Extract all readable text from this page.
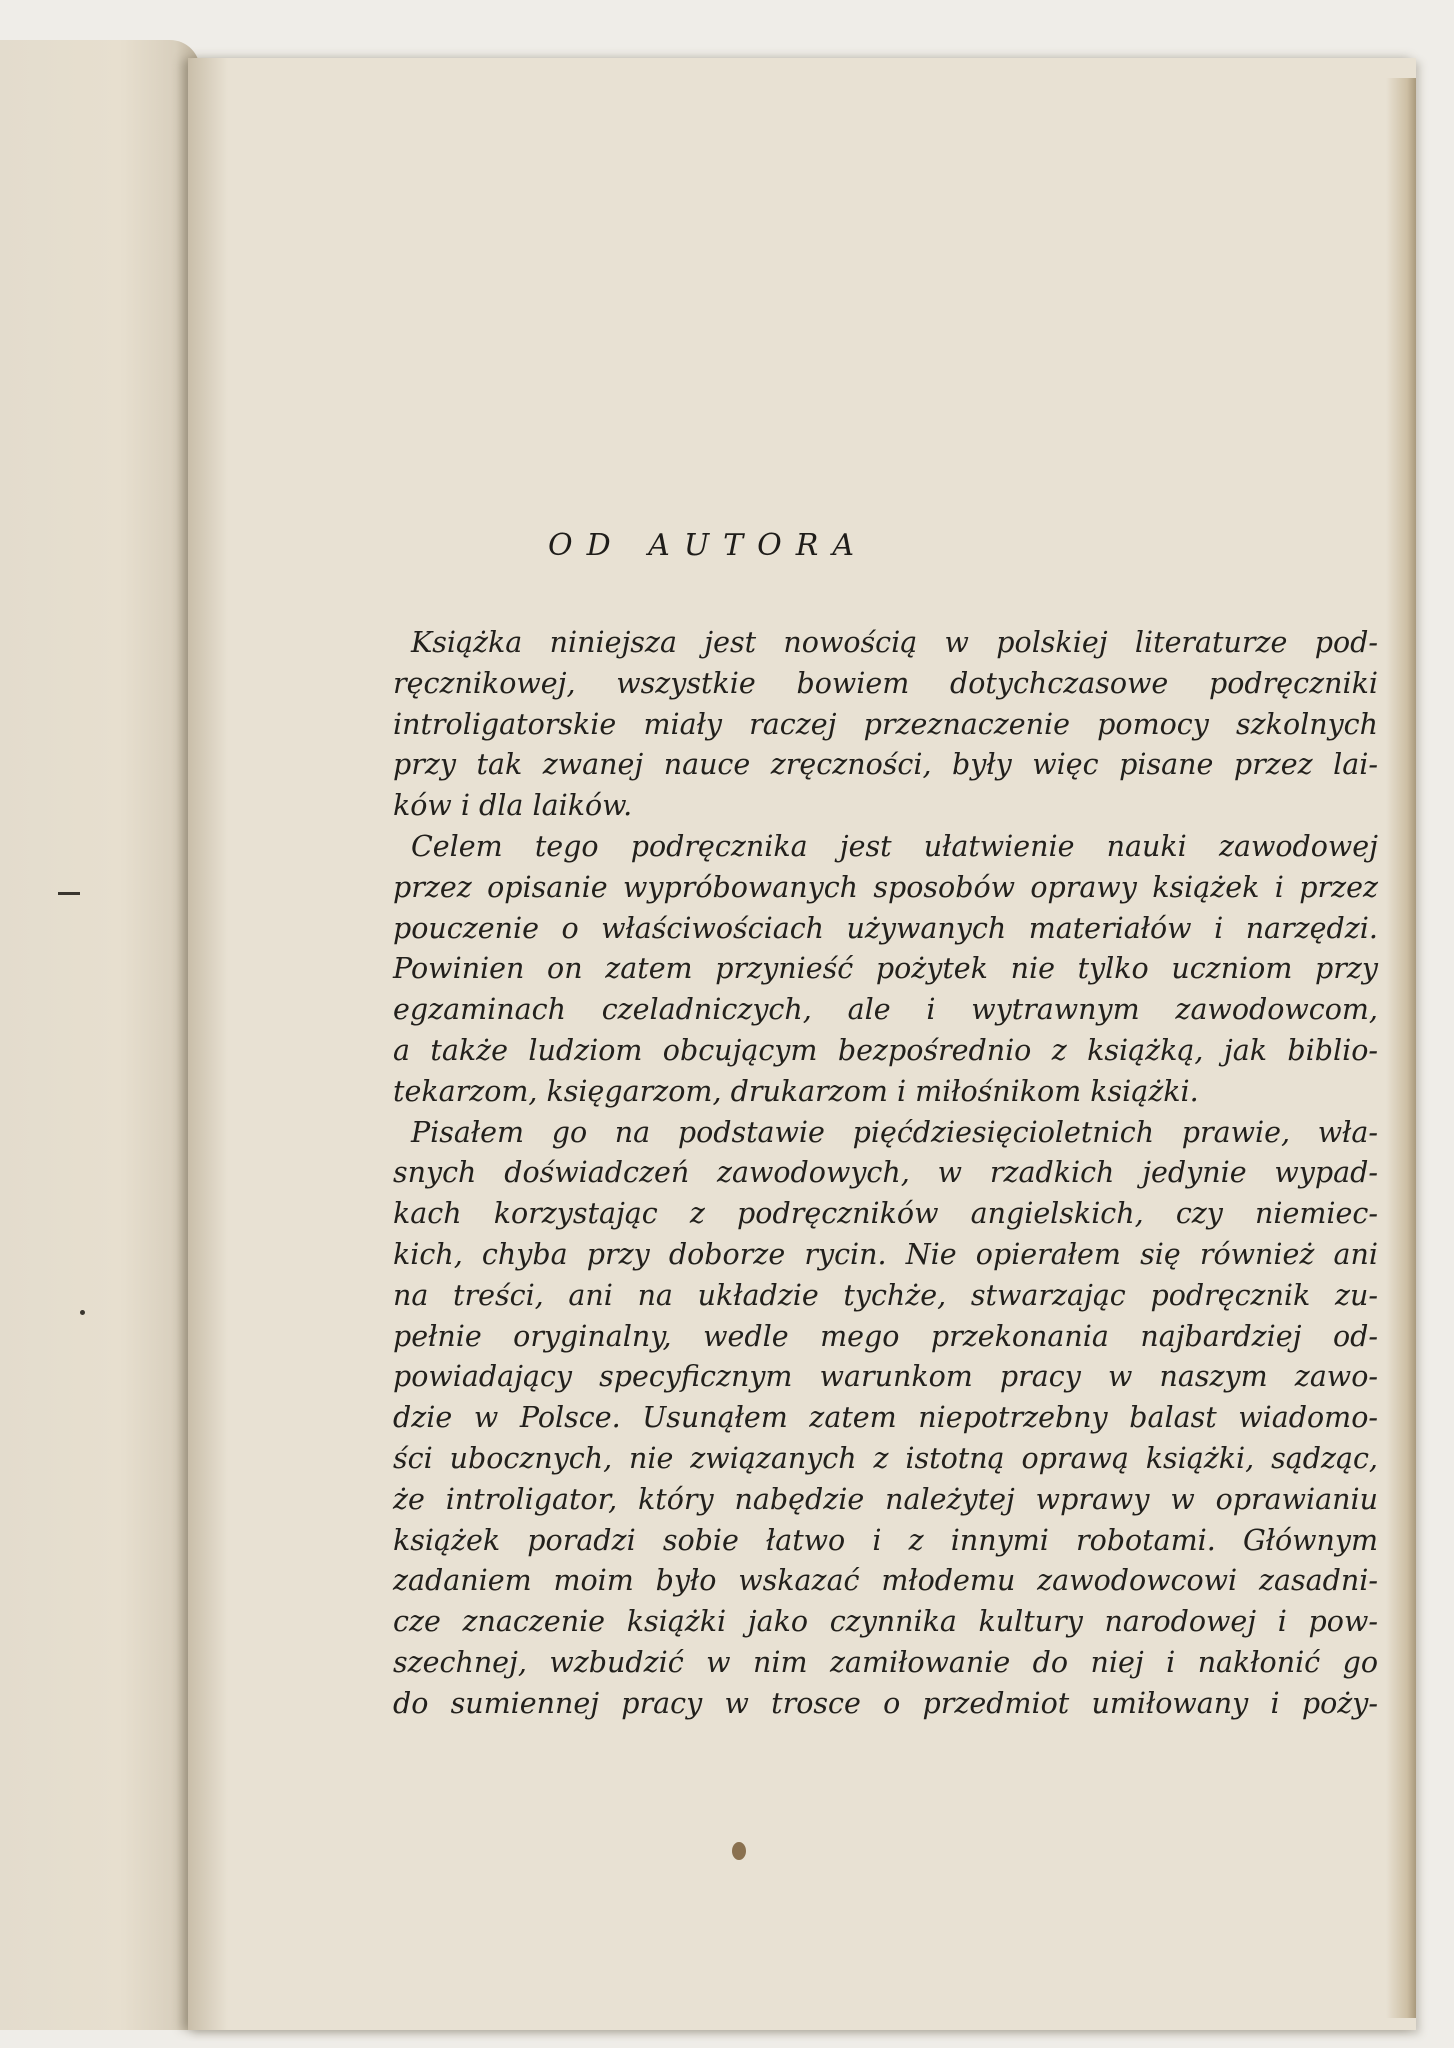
OD AUTORA
Książka niniejsza jest nowością w polskiej literaturze pod-
ręcznikowej, wszystkie bowiem dotychczasowe podręczniki
introligatorskie miały raczej przeznaczenie pomocy szkolnych
przy tak zwanej nauce zręczności, były więc pisane przez lai-
ków i dla laików.
Celem tego podręcznika jest ułatwienie nauki zawodowej
przez opisanie wypróbowanych sposobów oprawy książek i przez
pouczenie o właściwościach używanych materiałów i narzędzi.
Powinien on zatem przynieść pożytek nie tylko uczniom przy
egzaminach czeladniczych, ale i wytrawnym zawodowcom,
a także ludziom obcującym bezpośrednio z książką, jak biblio-
tekarzom, księgarzom, drukarzom i miłośnikom książki.
Pisałem go na podstawie pięćdziesięcioletnich prawie, wła-
snych doświadczeń zawodowych, w rzadkich jedynie wypad-
kach korzystając z podręczników angielskich, czy niemiec-
kich, chyba przy doborze rycin. Nie opierałem się również ani
na treści, ani na układzie tychże, stwarzając podręcznik zu-
pełnie oryginalny, wedle mego przekonania najbardziej od-
powiadający specyficznym warunkom pracy w naszym zawo-
dzie w Polsce. Usunąłem zatem niepotrzebny balast wiadomo-
ści ubocznych, nie związanych z istotną oprawą książki, sądząc,
że introligator, który nabędzie należytej wprawy w oprawianiu
książek poradzi sobie łatwo i z innymi robotami. Głównym
zadaniem moim było wskazać młodemu zawodowcowi zasadni-
cze znaczenie książki jako czynnika kultury narodowej i pow-
szechnej, wzbudzić w nim zamiłowanie do niej i nakłonić go
do sumiennej pracy w trosce o przedmiot umiłowany i poży-
